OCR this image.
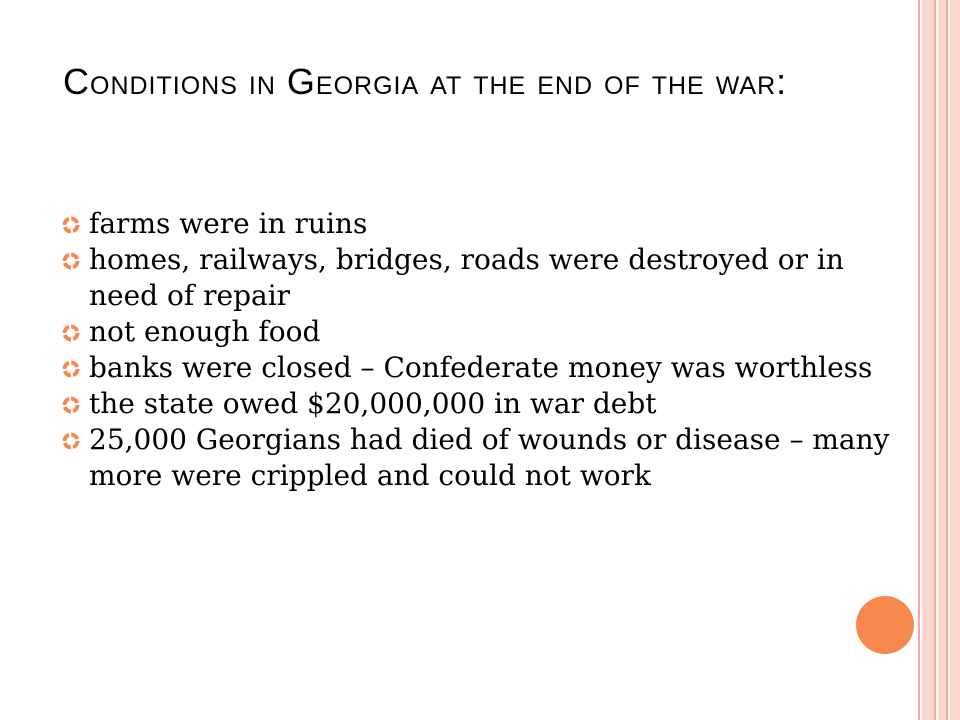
Conditions in Georgia at the end of the war:
farms were in ruins
homes, railways, bridges, roads were destroyed or in need of repair
not enough food
banks were closed – Confederate money was worthless
the state owed $20,000,000 in war debt
25,000 Georgians had died of wounds or disease – many more were crippled and could not work
